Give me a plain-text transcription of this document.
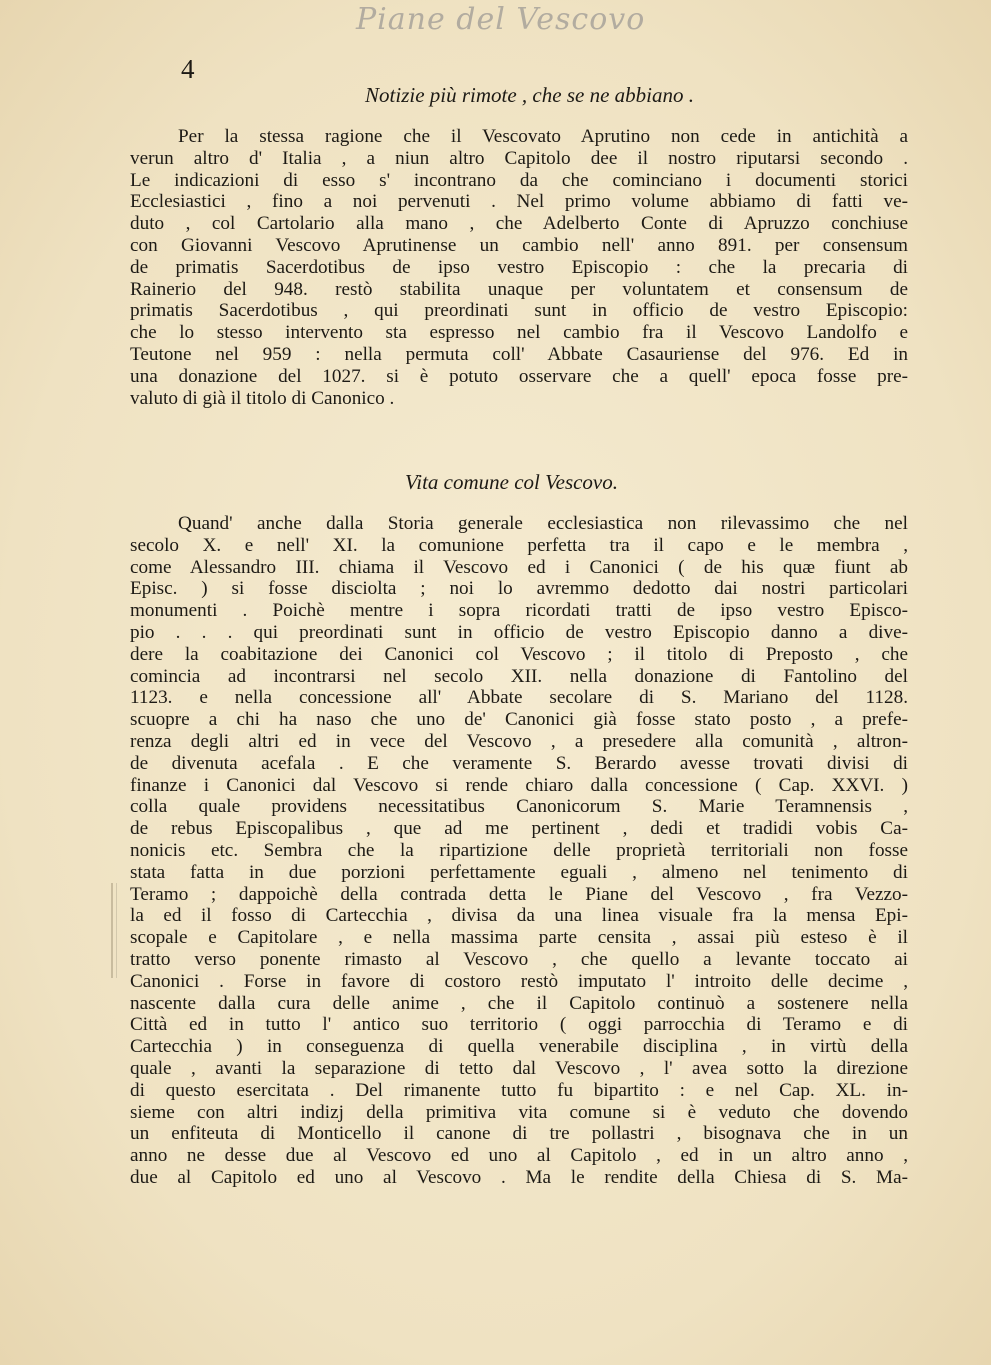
Piane del Vescovo
4
Notizie più rimote , che se ne abbiano .
Per la stessa ragione che il Vescovato Aprutino non cede in antichità a
verun altro d' Italia , a niun altro Capitolo dee il nostro riputarsi secondo .
Le indicazioni di esso s' incontrano da che cominciano i documenti storici
Ecclesiastici , fino a noi pervenuti . Nel primo volume abbiamo di fatti ve-
duto , col Cartolario alla mano , che Adelberto Conte di Apruzzo conchiuse
con Giovanni Vescovo Aprutinense un cambio nell' anno 891. per consensum
de primatis Sacerdotibus de ipso vestro Episcopio : che la precaria di
Rainerio del 948. restò stabilita unaque per voluntatem et consensum de
primatis Sacerdotibus , qui preordinati sunt in officio de vestro Episcopio:
che lo stesso intervento sta espresso nel cambio fra il Vescovo Landolfo e
Teutone nel 959 : nella permuta coll' Abbate Casauriense del 976. Ed in
una donazione del 1027. si è potuto osservare che a quell' epoca fosse pre-
valuto di già il titolo di Canonico .
Vita comune col Vescovo.
Quand' anche dalla Storia generale ecclesiastica non rilevassimo che nel
secolo X. e nell' XI. la comunione perfetta tra il capo e le membra ,
come Alessandro III. chiama il Vescovo ed i Canonici ( de his quæ fiunt ab
Episc. ) si fosse disciolta ; noi lo avremmo dedotto dai nostri particolari
monumenti . Poichè mentre i sopra ricordati tratti de ipso vestro Episco-
pio . . . qui preordinati sunt in officio de vestro Episcopio danno a dive-
dere la coabitazione dei Canonici col Vescovo ; il titolo di Preposto , che
comincia ad incontrarsi nel secolo XII. nella donazione di Fantolino del
1123. e nella concessione all' Abbate secolare di S. Mariano del 1128.
scuopre a chi ha naso che uno de' Canonici già fosse stato posto , a prefe-
renza degli altri ed in vece del Vescovo , a presedere alla comunità , altron-
de divenuta acefala . E che veramente S. Berardo avesse trovati divisi di
finanze i Canonici dal Vescovo si rende chiaro dalla concessione ( Cap. XXVI. )
colla quale providens necessitatibus Canonicorum S. Marie Teramnensis ,
de rebus Episcopalibus , que ad me pertinent , dedi et tradidi vobis Ca-
nonicis etc. Sembra che la ripartizione delle proprietà territoriali non fosse
stata fatta in due porzioni perfettamente eguali , almeno nel tenimento di
Teramo ; dappoichè della contrada detta le Piane del Vescovo , fra Vezzo-
la ed il fosso di Cartecchia , divisa da una linea visuale fra la mensa Epi-
scopale e Capitolare , e nella massima parte censita , assai più esteso è il
tratto verso ponente rimasto al Vescovo , che quello a levante toccato ai
Canonici . Forse in favore di costoro restò imputato l' introito delle decime ,
nascente dalla cura delle anime , che il Capitolo continuò a sostenere nella
Città ed in tutto l' antico suo territorio ( oggi parrocchia di Teramo e di
Cartecchia ) in conseguenza di quella venerabile disciplina , in virtù della
quale , avanti la separazione di tetto dal Vescovo , l' avea sotto la direzione
di questo esercitata . Del rimanente tutto fu bipartito : e nel Cap. XL. in-
sieme con altri indizj della primitiva vita comune si è veduto che dovendo
un enfiteuta di Monticello il canone di tre pollastri , bisognava che in un
anno ne desse due al Vescovo ed uno al Capitolo , ed in un altro anno ,
due al Capitolo ed uno al Vescovo . Ma le rendite della Chiesa di S. Ma-
